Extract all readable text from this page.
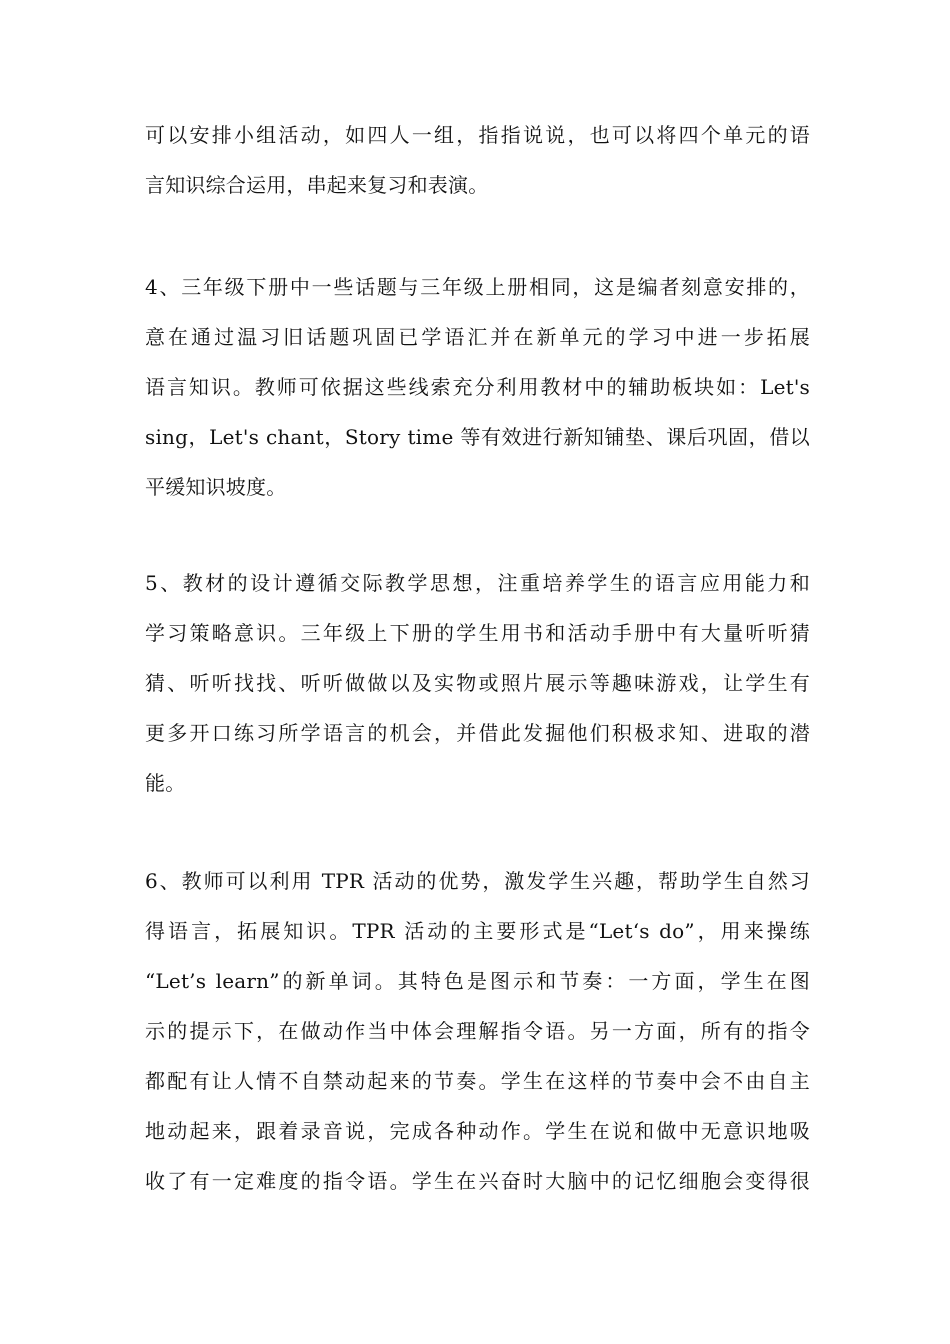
可以安排小组活动，如四人一组，指指说说，也可以将四个单元的语
言知识综合运用，串起来复习和表演。
4、三年级下册中一些话题与三年级上册相同，这是编者刻意安排的，
意在通过温习旧话题巩固已学语汇并在新单元的学习中进一步拓展
语言知识。教师可依据这些线索充分利用教材中的辅助板块如：Let's
sing，Let's chant，Story time 等有效进行新知铺垫、课后巩固，借以
平缓知识坡度。
5、教材的设计遵循交际教学思想，注重培养学生的语言应用能力和
学习策略意识。三年级上下册的学生用书和活动手册中有大量听听猜
猜、听听找找、听听做做以及实物或照片展示等趣味游戏，让学生有
更多开口练习所学语言的机会，并借此发掘他们积极求知、进取的潜
能。
6、教师可以利用 TPR 活动的优势，激发学生兴趣，帮助学生自然习
得语言，拓展知识。TPR 活动的主要形式是“Let‘s do”，用来操练
“Let’s learn”的新单词。其特色是图示和节奏：一方面，学生在图
示的提示下，在做动作当中体会理解指令语。另一方面，所有的指令
都配有让人情不自禁动起来的节奏。学生在这样的节奏中会不由自主
地动起来，跟着录音说，完成各种动作。学生在说和做中无意识地吸
收了有一定难度的指令语。学生在兴奋时大脑中的记忆细胞会变得很
